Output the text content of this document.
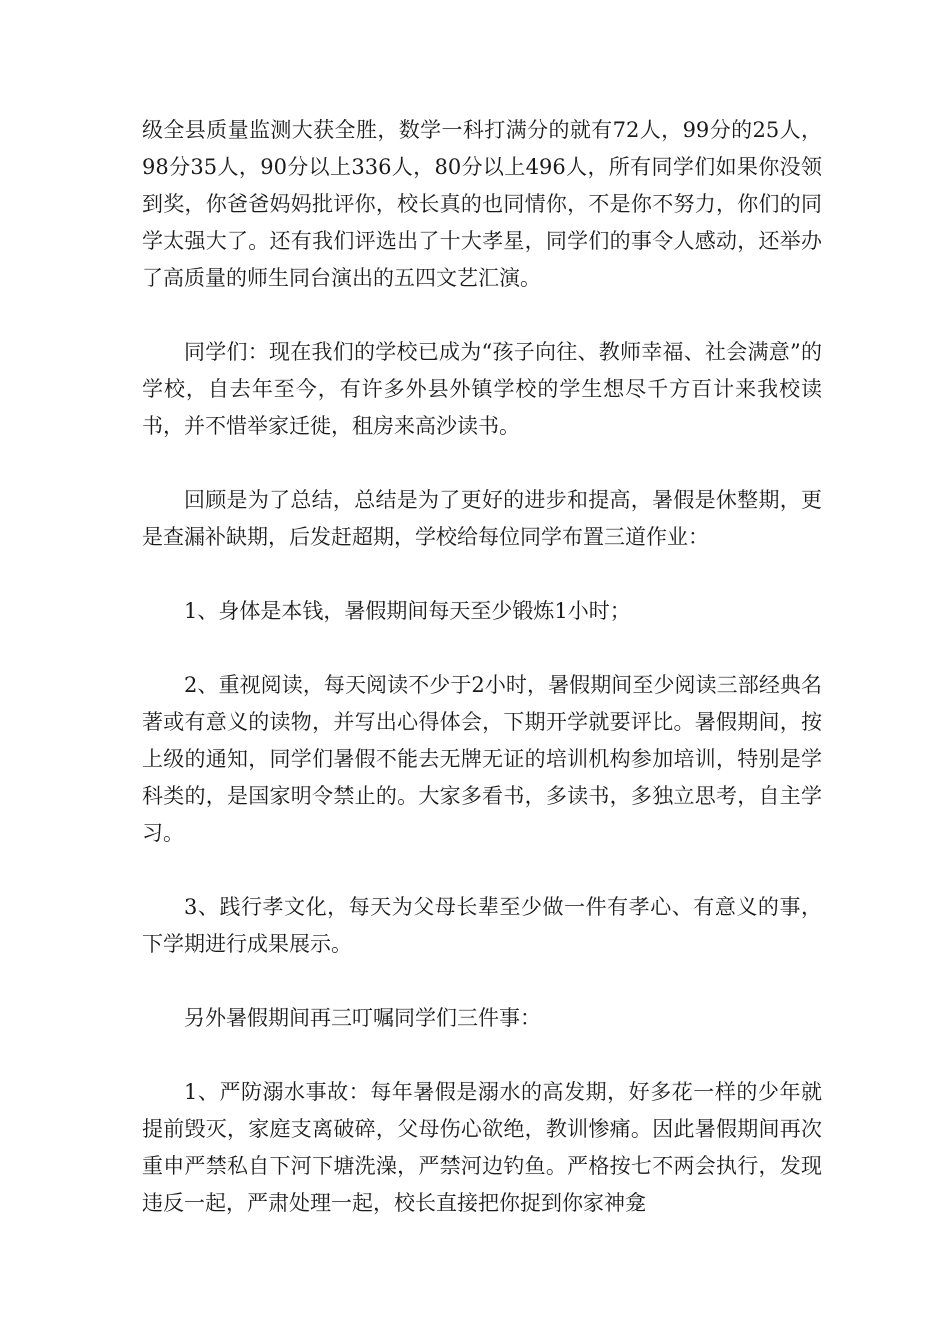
级全县质量监测大获全胜，数学一科打满分的就有72人，99分的25人，98分35人，90分以上336人，80分以上496人，所有同学们如果你没领到奖，你爸爸妈妈批评你，校长真的也同情你，不是你不努力，你们的同学太强大了。还有我们评选出了十大孝星，同学们的事令人感动，还举办了高质量的师生同台演出的五四文艺汇演。

同学们：现在我们的学校已成为“孩子向往、教师幸福、社会满意”的学校，自去年至今，有许多外县外镇学校的学生想尽千方百计来我校读书，并不惜举家迁徙，租房来高沙读书。

回顾是为了总结，总结是为了更好的进步和提高，暑假是休整期，更是查漏补缺期，后发赶超期，学校给每位同学布置三道作业：

1、身体是本钱，暑假期间每天至少锻炼1小时；

2、重视阅读，每天阅读不少于2小时，暑假期间至少阅读三部经典名著或有意义的读物，并写出心得体会，下期开学就要评比。暑假期间，按上级的通知，同学们暑假不能去无牌无证的培训机构参加培训，特别是学科类的，是国家明令禁止的。大家多看书，多读书，多独立思考，自主学习。

3、践行孝文化，每天为父母长辈至少做一件有孝心、有意义的事，下学期进行成果展示。

另外暑假期间再三叮嘱同学们三件事：

1、严防溺水事故：每年暑假是溺水的高发期，好多花一样的少年就提前毁灭，家庭支离破碎，父母伤心欲绝，教训惨痛。因此暑假期间再次重申严禁私自下河下塘洗澡，严禁河边钓鱼。严格按七不两会执行，发现违反一起，严肃处理一起，校长直接把你捉到你家神龛
